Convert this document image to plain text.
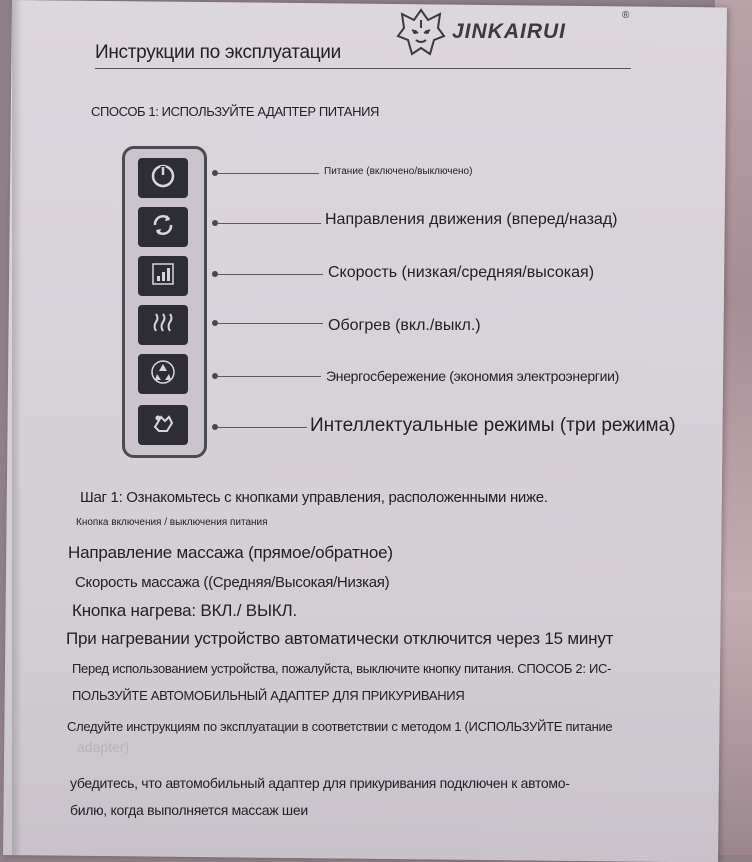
Инструкции по эксплуатации
JINKAIRUI
®
СПОСОБ 1: ИСПОЛЬЗУЙТЕ АДАПТЕР ПИТАНИЯ
Питание (включено/выключено)
Направления движения (вперед/назад)
Скорость (низкая/средняя/высокая)
Обогрев (вкл./выкл.)
Энергосбережение (экономия электроэнергии)
Интеллектуальные режимы (три режима)
Шаг 1: Ознакомьтесь с кнопками управления, расположенными ниже.
Кнопка включения / выключения питания
Направление массажа (прямое/обратное)
Скорость массажа ((Средняя/Высокая/Низкая)
Кнопка нагрева: ВКЛ./ ВЫКЛ.
При нагревании устройство автоматически отключится через 15 минут
Перед использованием устройства, пожалуйста, выключите кнопку питания. СПОСОБ 2: ИС-
ПОЛЬЗУЙТЕ АВТОМОБИЛЬНЫЙ АДАПТЕР ДЛЯ ПРИКУРИВАНИЯ
Следуйте инструкциям по эксплуатации в соответствии с методом 1 (ИСПОЛЬЗУЙТЕ питание
adapter)
убедитесь, что автомобильный адаптер для прикуривания подключен к автомо-
билю, когда выполняется массаж шеи
